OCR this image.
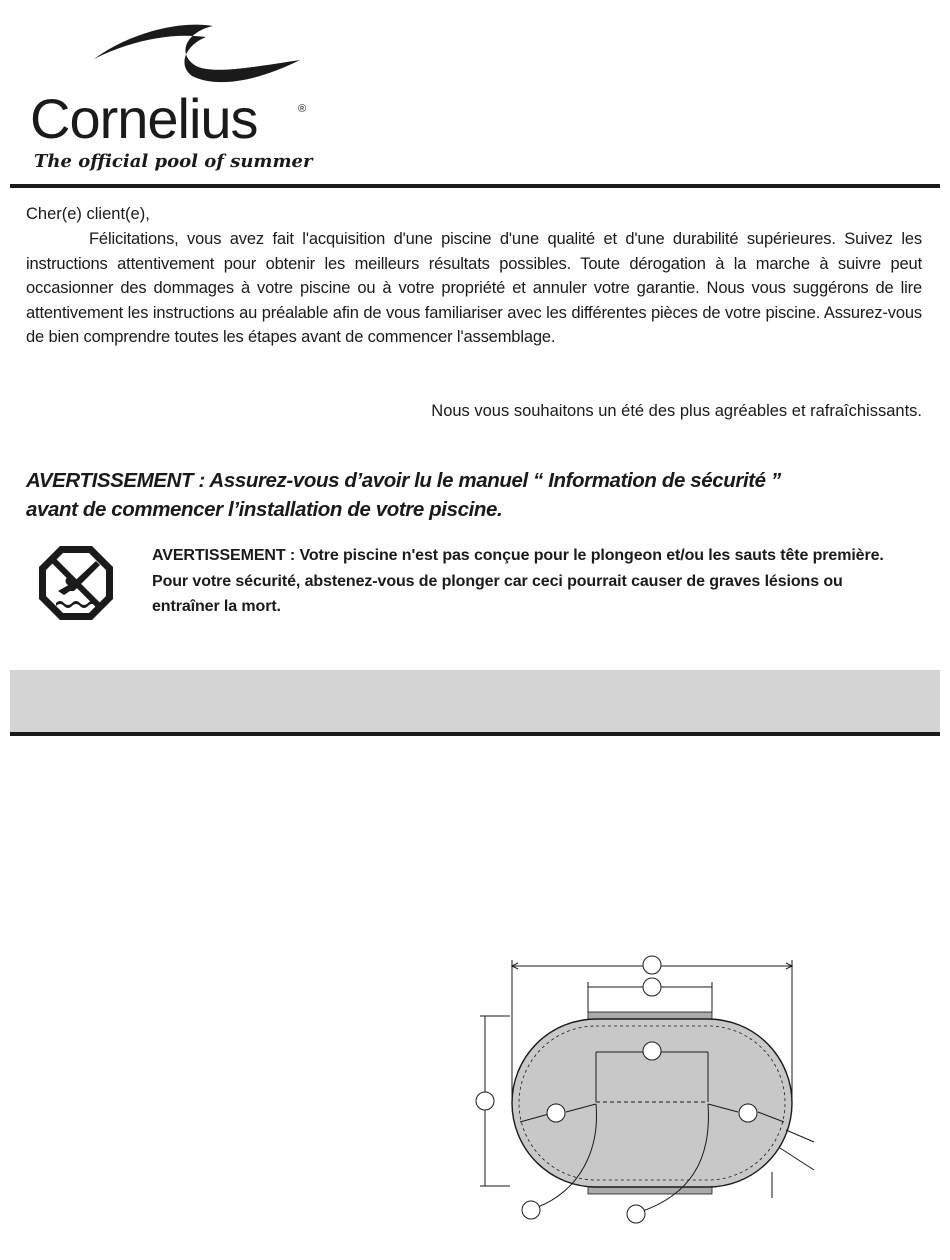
Cornelius	®
The official pool of summer
Cher(e) client(e),

Félicitations, vous avez fait l'acquisition d'une piscine d'une qualité et d'une durabilité supérieures. Suivez les instructions attentivement pour obtenir les meilleurs résultats possibles. Toute dérogation à la marche à suivre peut occasionner des dommages à votre piscine ou à votre propriété et annuler votre garantie. Nous vous suggérons de lire attentivement les instructions au préalable afin de vous familiariser avec les différentes pièces de votre piscine. Assurez-vous de bien comprendre toutes les étapes avant de commencer l'assemblage.

Nous vous souhaitons un été des plus agréables et rafraîchissants.
AVERTISSEMENT : Assurez-vous d’avoir lu le manuel “ Information de sécurité ”
avant de commencer l’installation de votre piscine.

AVERTISSEMENT : Votre piscine n'est pas conçue pour le plongeon et/ou les sauts tête première. Pour votre sécurité, abstenez-vous de plonger car ceci pourrait causer de graves lésions ou entraîner la mort.
